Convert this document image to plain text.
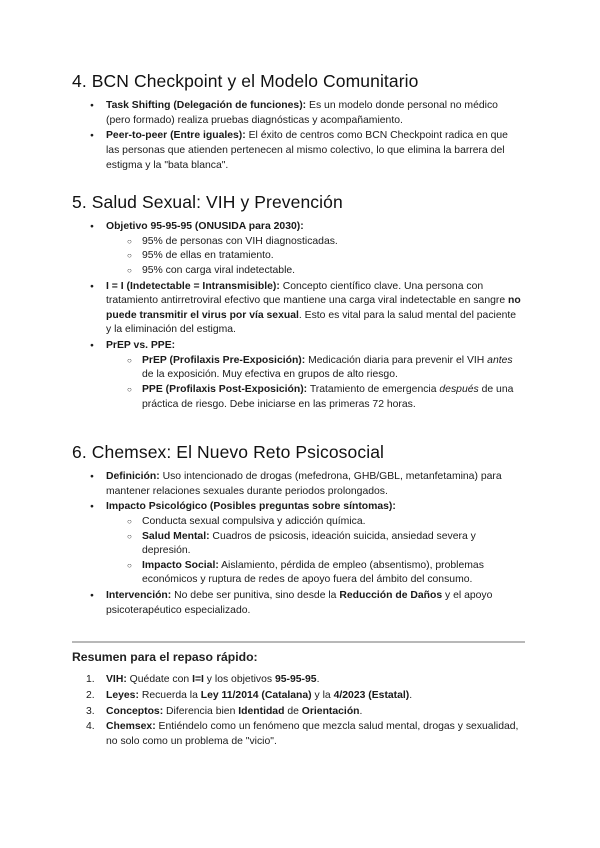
4. BCN Checkpoint y el Modelo Comunitario
● Task Shifting (Delegación de funciones): Es un modelo donde personal no médico (pero formado) realiza pruebas diagnósticas y acompañamiento.
● Peer-to-peer (Entre iguales): El éxito de centros como BCN Checkpoint radica en que las personas que atienden pertenecen al mismo colectivo, lo que elimina la barrera del estigma y la "bata blanca".
5. Salud Sexual: VIH y Prevención
● Objetivo 95-95-95 (ONUSIDA para 2030):
○ 95% de personas con VIH diagnosticadas.
○ 95% de ellas en tratamiento.
○ 95% con carga viral indetectable.
● I = I (Indetectable = Intransmisible): Concepto científico clave. Una persona con tratamiento antirretroviral efectivo que mantiene una carga viral indetectable en sangre no puede transmitir el virus por vía sexual. Esto es vital para la salud mental del paciente y la eliminación del estigma.
● PrEP vs. PPE:
○ PrEP (Profilaxis Pre-Exposición): Medicación diaria para prevenir el VIH antes de la exposición. Muy efectiva en grupos de alto riesgo.
○ PPE (Profilaxis Post-Exposición): Tratamiento de emergencia después de una práctica de riesgo. Debe iniciarse en las primeras 72 horas.
6. Chemsex: El Nuevo Reto Psicosocial
● Definición: Uso intencionado de drogas (mefedrona, GHB/GBL, metanfetamina) para mantener relaciones sexuales durante periodos prolongados.
● Impacto Psicológico (Posibles preguntas sobre síntomas):
○ Conducta sexual compulsiva y adicción química.
○ Salud Mental: Cuadros de psicosis, ideación suicida, ansiedad severa y depresión.
○ Impacto Social: Aislamiento, pérdida de empleo (absentismo), problemas económicos y ruptura de redes de apoyo fuera del ámbito del consumo.
● Intervención: No debe ser punitiva, sino desde la Reducción de Daños y el apoyo psicoterapéutico especializado.
Resumen para el repaso rápido:
1. VIH: Quédate con I=I y los objetivos 95-95-95.
2. Leyes: Recuerda la Ley 11/2014 (Catalana) y la 4/2023 (Estatal).
3. Conceptos: Diferencia bien Identidad de Orientación.
4. Chemsex: Entiéndelo como un fenómeno que mezcla salud mental, drogas y sexualidad, no solo como un problema de "vicio".
